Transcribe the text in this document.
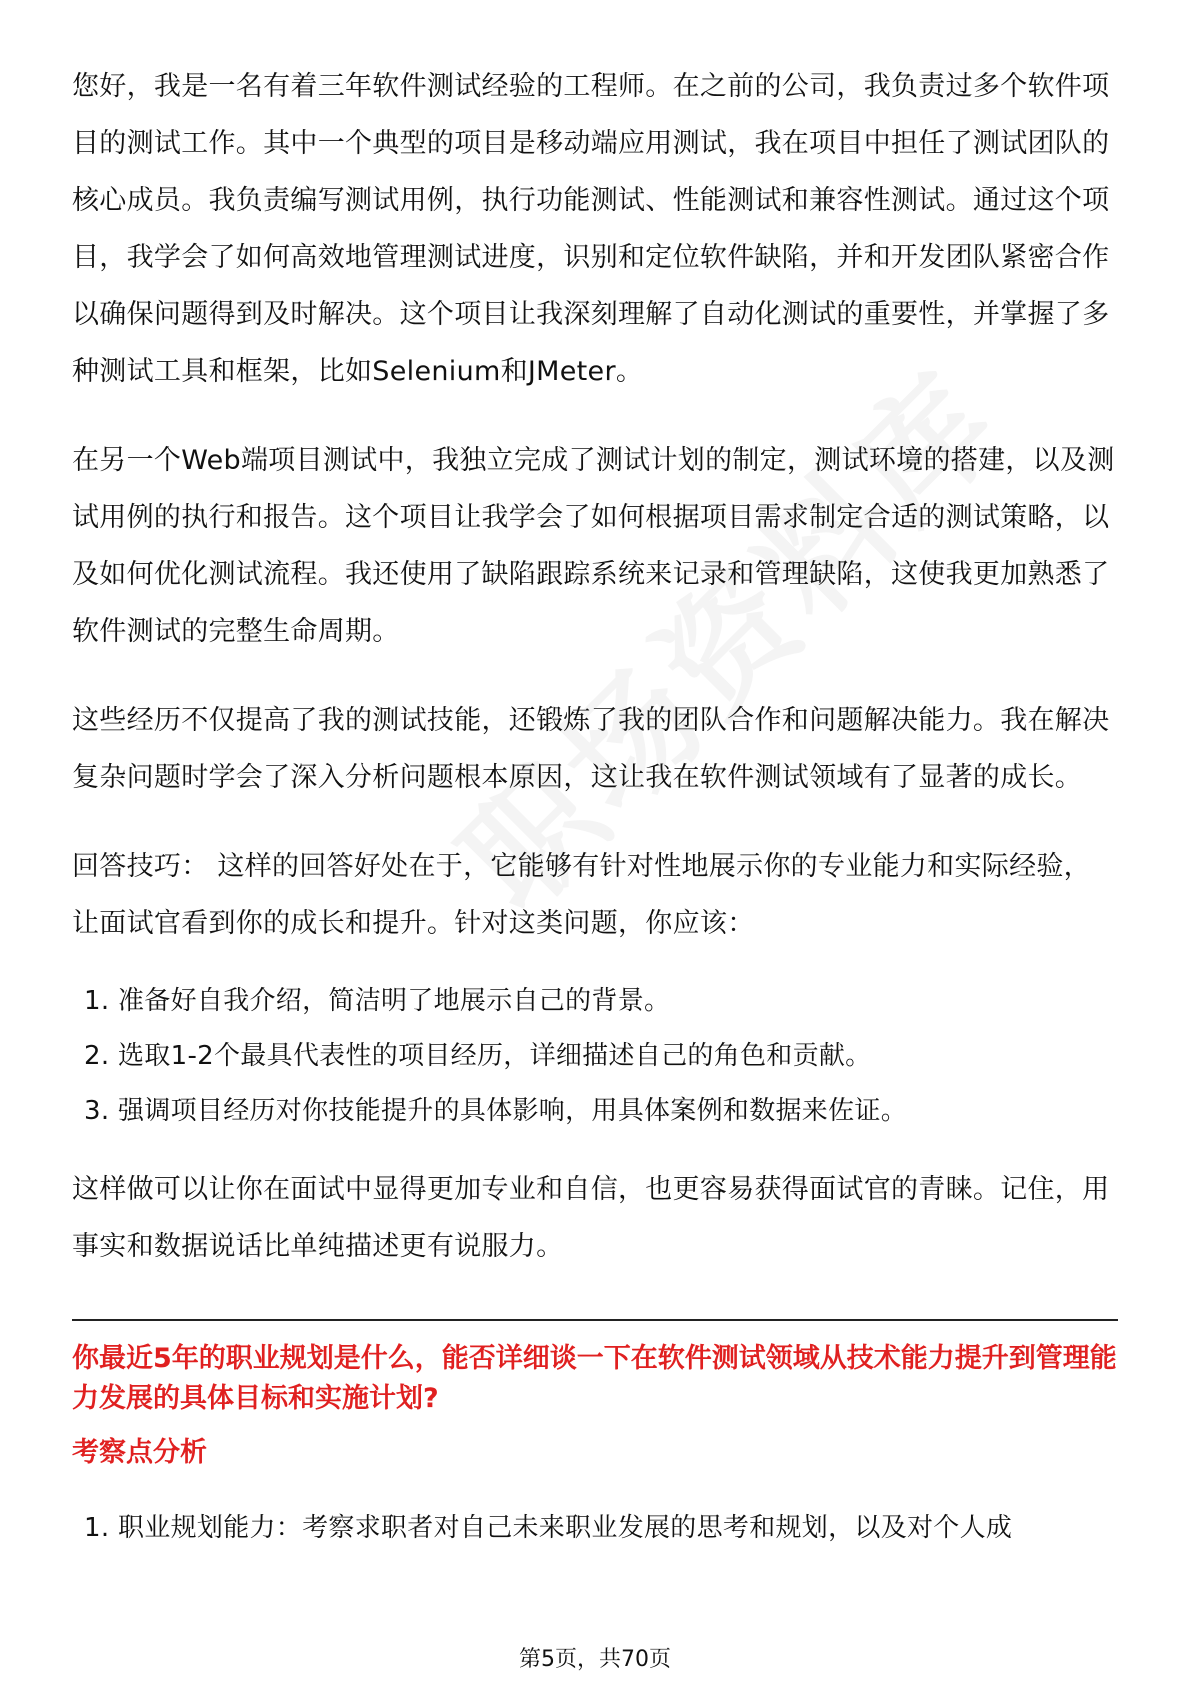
您好，我是一名有着三年软件测试经验的工程师。在之前的公司，我负责过多个软件项目的测试工作。其中一个典型的项目是移动端应用测试，我在项目中担任了测试团队的核心成员。我负责编写测试用例，执行功能测试、性能测试和兼容性测试。通过这个项目，我学会了如何高效地管理测试进度，识别和定位软件缺陷，并和开发团队紧密合作以确保问题得到及时解决。这个项目让我深刻理解了自动化测试的重要性，并掌握了多种测试工具和框架，比如Selenium和JMeter。

在另一个Web端项目测试中，我独立完成了测试计划的制定，测试环境的搭建，以及测试用例的执行和报告。这个项目让我学会了如何根据项目需求制定合适的测试策略，以及如何优化测试流程。我还使用了缺陷跟踪系统来记录和管理缺陷，这使我更加熟悉了软件测试的完整生命周期。

这些经历不仅提高了我的测试技能，还锻炼了我的团队合作和问题解决能力。我在解决复杂问题时学会了深入分析问题根本原因，这让我在软件测试领域有了显著的成长。

回答技巧： 这样的回答好处在于，它能够有针对性地展示你的专业能力和实际经验，让面试官看到你的成长和提升。针对这类问题，你应该：

1. 准备好自我介绍，简洁明了地展示自己的背景。
2. 选取1-2个最具代表性的项目经历，详细描述自己的角色和贡献。
3. 强调项目经历对你技能提升的具体影响，用具体案例和数据来佐证。

这样做可以让你在面试中显得更加专业和自信，也更容易获得面试官的青睐。记住，用事实和数据说话比单纯描述更有说服力。

你最近5年的职业规划是什么，能否详细谈一下在软件测试领域从技术能力提升到管理能力发展的具体目标和实施计划?

考察点分析

1. 职业规划能力：考察求职者对自己未来职业发展的思考和规划，以及对个人成
第5页，共70页
